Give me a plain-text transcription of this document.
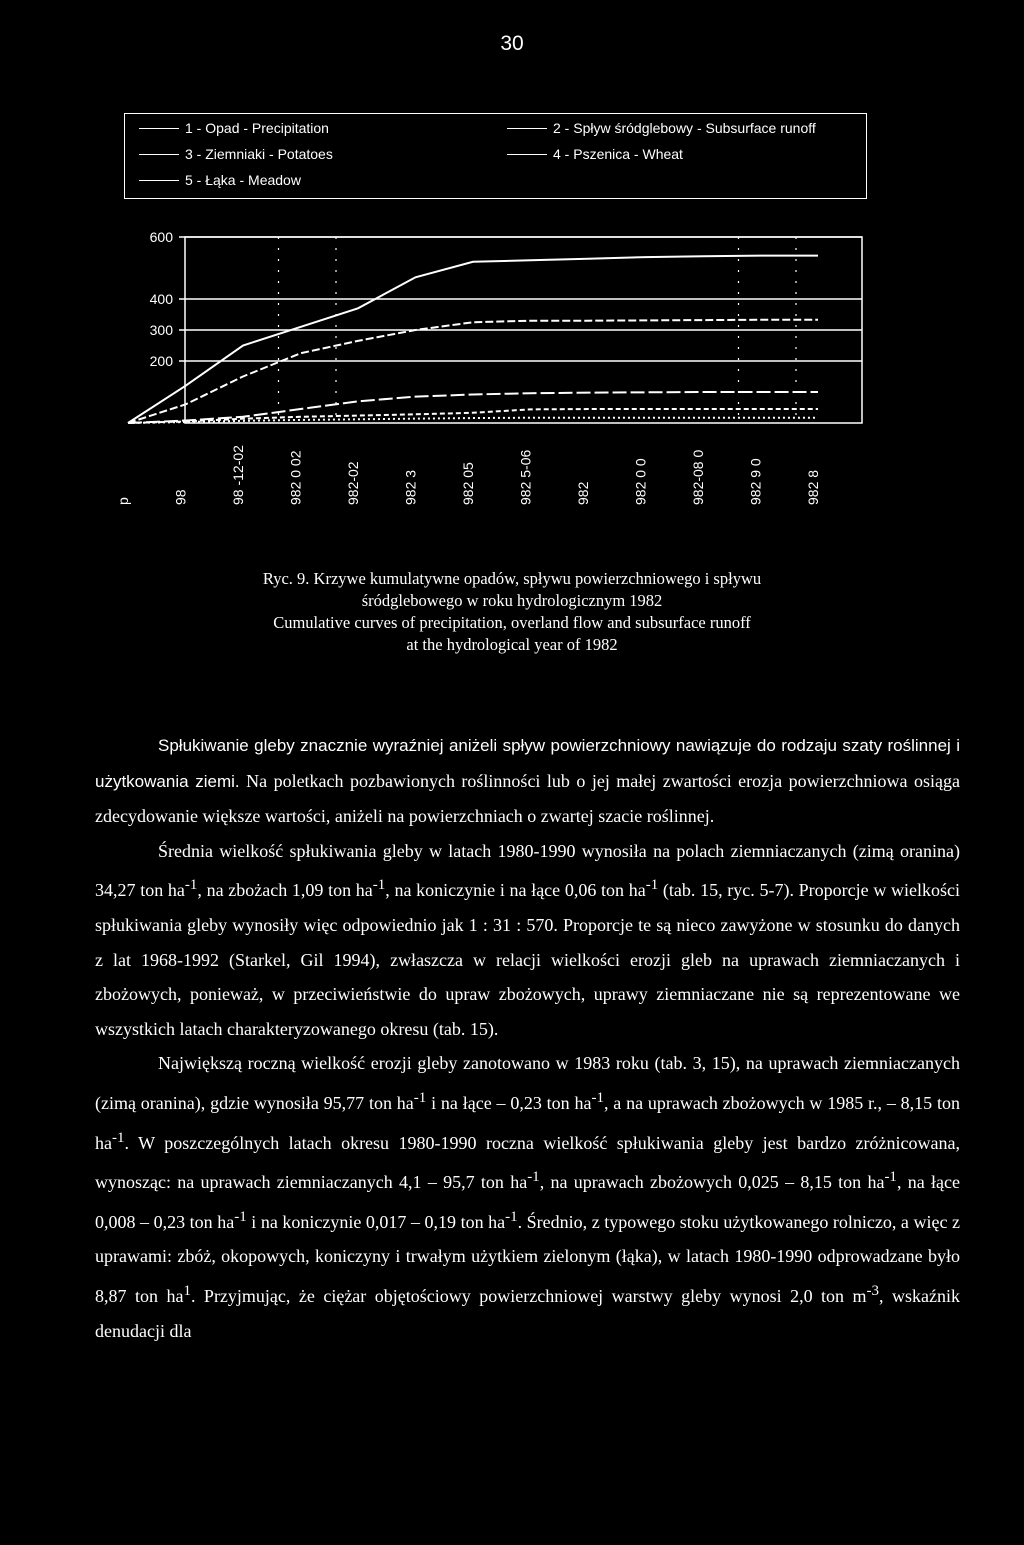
30
1 - Opad - Precipitation	2 - Spływ śródglebowy - Subsurface runoff
3 - Ziemniaki - Potatoes	4 - Pszenica - Wheat
5 - Łąka - Meadow
600
400
300
200
p	98	98 -12-02	982 0 02	982-02	982 3	982 05	982 5-06	982	982 0 0	982-08 0	982 9 0	982 8
Ryc. 9. Krzywe kumulatywne opadów, spływu powierzchniowego i spływu
śródglebowego w roku hydrologicznym 1982
Cumulative curves of precipitation, overland flow and subsurface runoff
at the hydrological year of 1982

Spłukiwanie gleby znacznie wyraźniej aniżeli spływ powierzchniowy nawiązuje do rodzaju szaty roślinnej i użytkowania ziemi. Na poletkach pozbawionych roślinności lub o jej małej zwartości erozja powierzchniowa osiąga zdecydowanie większe wartości, aniżeli na powierzchniach o zwartej szacie roślinnej.

Średnia wielkość spłukiwania gleby w latach 1980-1990 wynosiła na polach ziemniaczanych (zimą oranina) 34,27 ton $ha^{-1}$, na zbożach 1,09 ton $ha^{-1}$, na koniczynie i na łące 0,06 ton $ha^{-1}$ (tab. 15, ryc. 5-7). Proporcje w wielkości spłukiwania gleby wynosiły więc odpowiednio jak 1 : 31 : 570. Proporcje te są nieco zawyżone w stosunku do danych z lat 1968-1992 (Starkel, Gil 1994), zwłaszcza w relacji wielkości erozji gleb na uprawach ziemniaczanych i zbożowych, ponieważ, w przeciwieństwie do upraw zbożowych, uprawy ziemniaczane nie są reprezentowane we wszystkich latach charakteryzowanego okresu (tab. 15).

Największą roczną wielkość erozji gleby zanotowano w 1983 roku (tab. 3, 15), na uprawach ziemniaczanych (zimą oranina), gdzie wynosiła 95,77 ton $ha^{-1}$ i na łące – 0,23 ton $ha^{-1}$, a na uprawach zbożowych w 1985 r., – 8,15 ton $ha^{-1}$. W poszczególnych latach okresu 1980-1990 roczna wielkość spłukiwania gleby jest bardzo zróżnicowana, wynosząc: na uprawach ziemniaczanych 4,1 – 95,7 ton $ha^{-1}$, na uprawach zbożowych 0,025 – 8,15 ton $ha^{-1}$, na łące 0,008 – 0,23 ton $ha^{-1}$ i na koniczynie 0,017 – 0,19 ton $ha^{-1}$. Średnio, z typowego stoku użytkowanego rolniczo, a więc z uprawami: zbóż, okopowych, koniczyny i trwałym użytkiem zielonym (łąka), w latach 1980-1990 odprowadzane było 8,87 ton $ha^1$. Przyjmując, że ciężar objętościowy powierzchniowej warstwy gleby wynosi 2,0 ton $m^{-3}$, wskaźnik denudacji dla
